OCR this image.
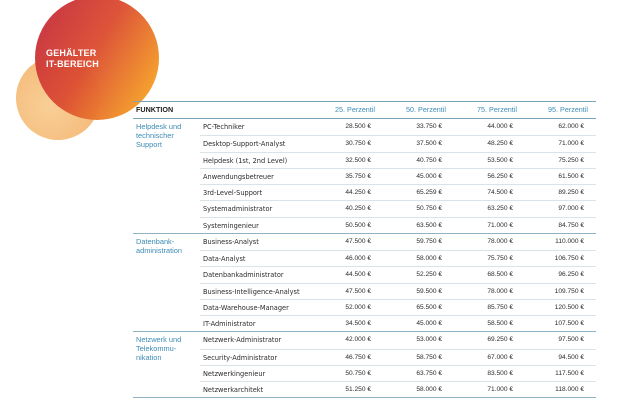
GEHÄLTER
IT-BEREICH
FUNKTION	25. Perzentil	50. Perzentil	75. Perzentil	95. Perzentil
Helpdesk und
technischer
Support
PC-Techniker	28.500 €	33.750 €	44.000 €	62.000 €
Desktop-Support-Analyst	30.750 €	37.500 €	48.250 €	71.000 €
Helpdesk (1st, 2nd Level)	32.500 €	40.750 €	53.500 €	75.250 €
Anwendungsbetreuer	35.750 €	45.000 €	56.250 €	61.500 €
3rd-Level-Support	44.250 €	65.259 €	74.500 €	89.250 €
Systemadministrator	40.250 €	50.750 €	63.250 €	97.000 €
Systemingenieur	50.500 €	63.500 €	71.000 €	84.750 €
Datenbank-
administration
Business-Analyst	47.500 €	59.750 €	78.000 €	110.000 €
Data-Analyst	46.000 €	58.000 €	75.750 €	106.750 €
Datenbankadministrator	44.500 €	52.250 €	68.500 €	96.250 €
Business-Intelligence-Analyst	47.500 €	59.500 €	78.000 €	109.750 €
Data-Warehouse-Manager	52.000 €	65.500 €	85.750 €	120.500 €
IT-Administrator	34.500 €	45.000 €	58.500 €	107.500 €
Netzwerk und
Telekommu-
nikation
Netzwerk-Administrator	42.000 €	53.000 €	69.250 €	97.500 €
Security-Administrator	46.750 €	58.750 €	67.000 €	94.500 €
Netzwerkingenieur	50.750 €	63.750 €	83.500 €	117.500 €
Netzwerkarchitekt	51.250 €	58.000 €	71.000 €	118.000 €
